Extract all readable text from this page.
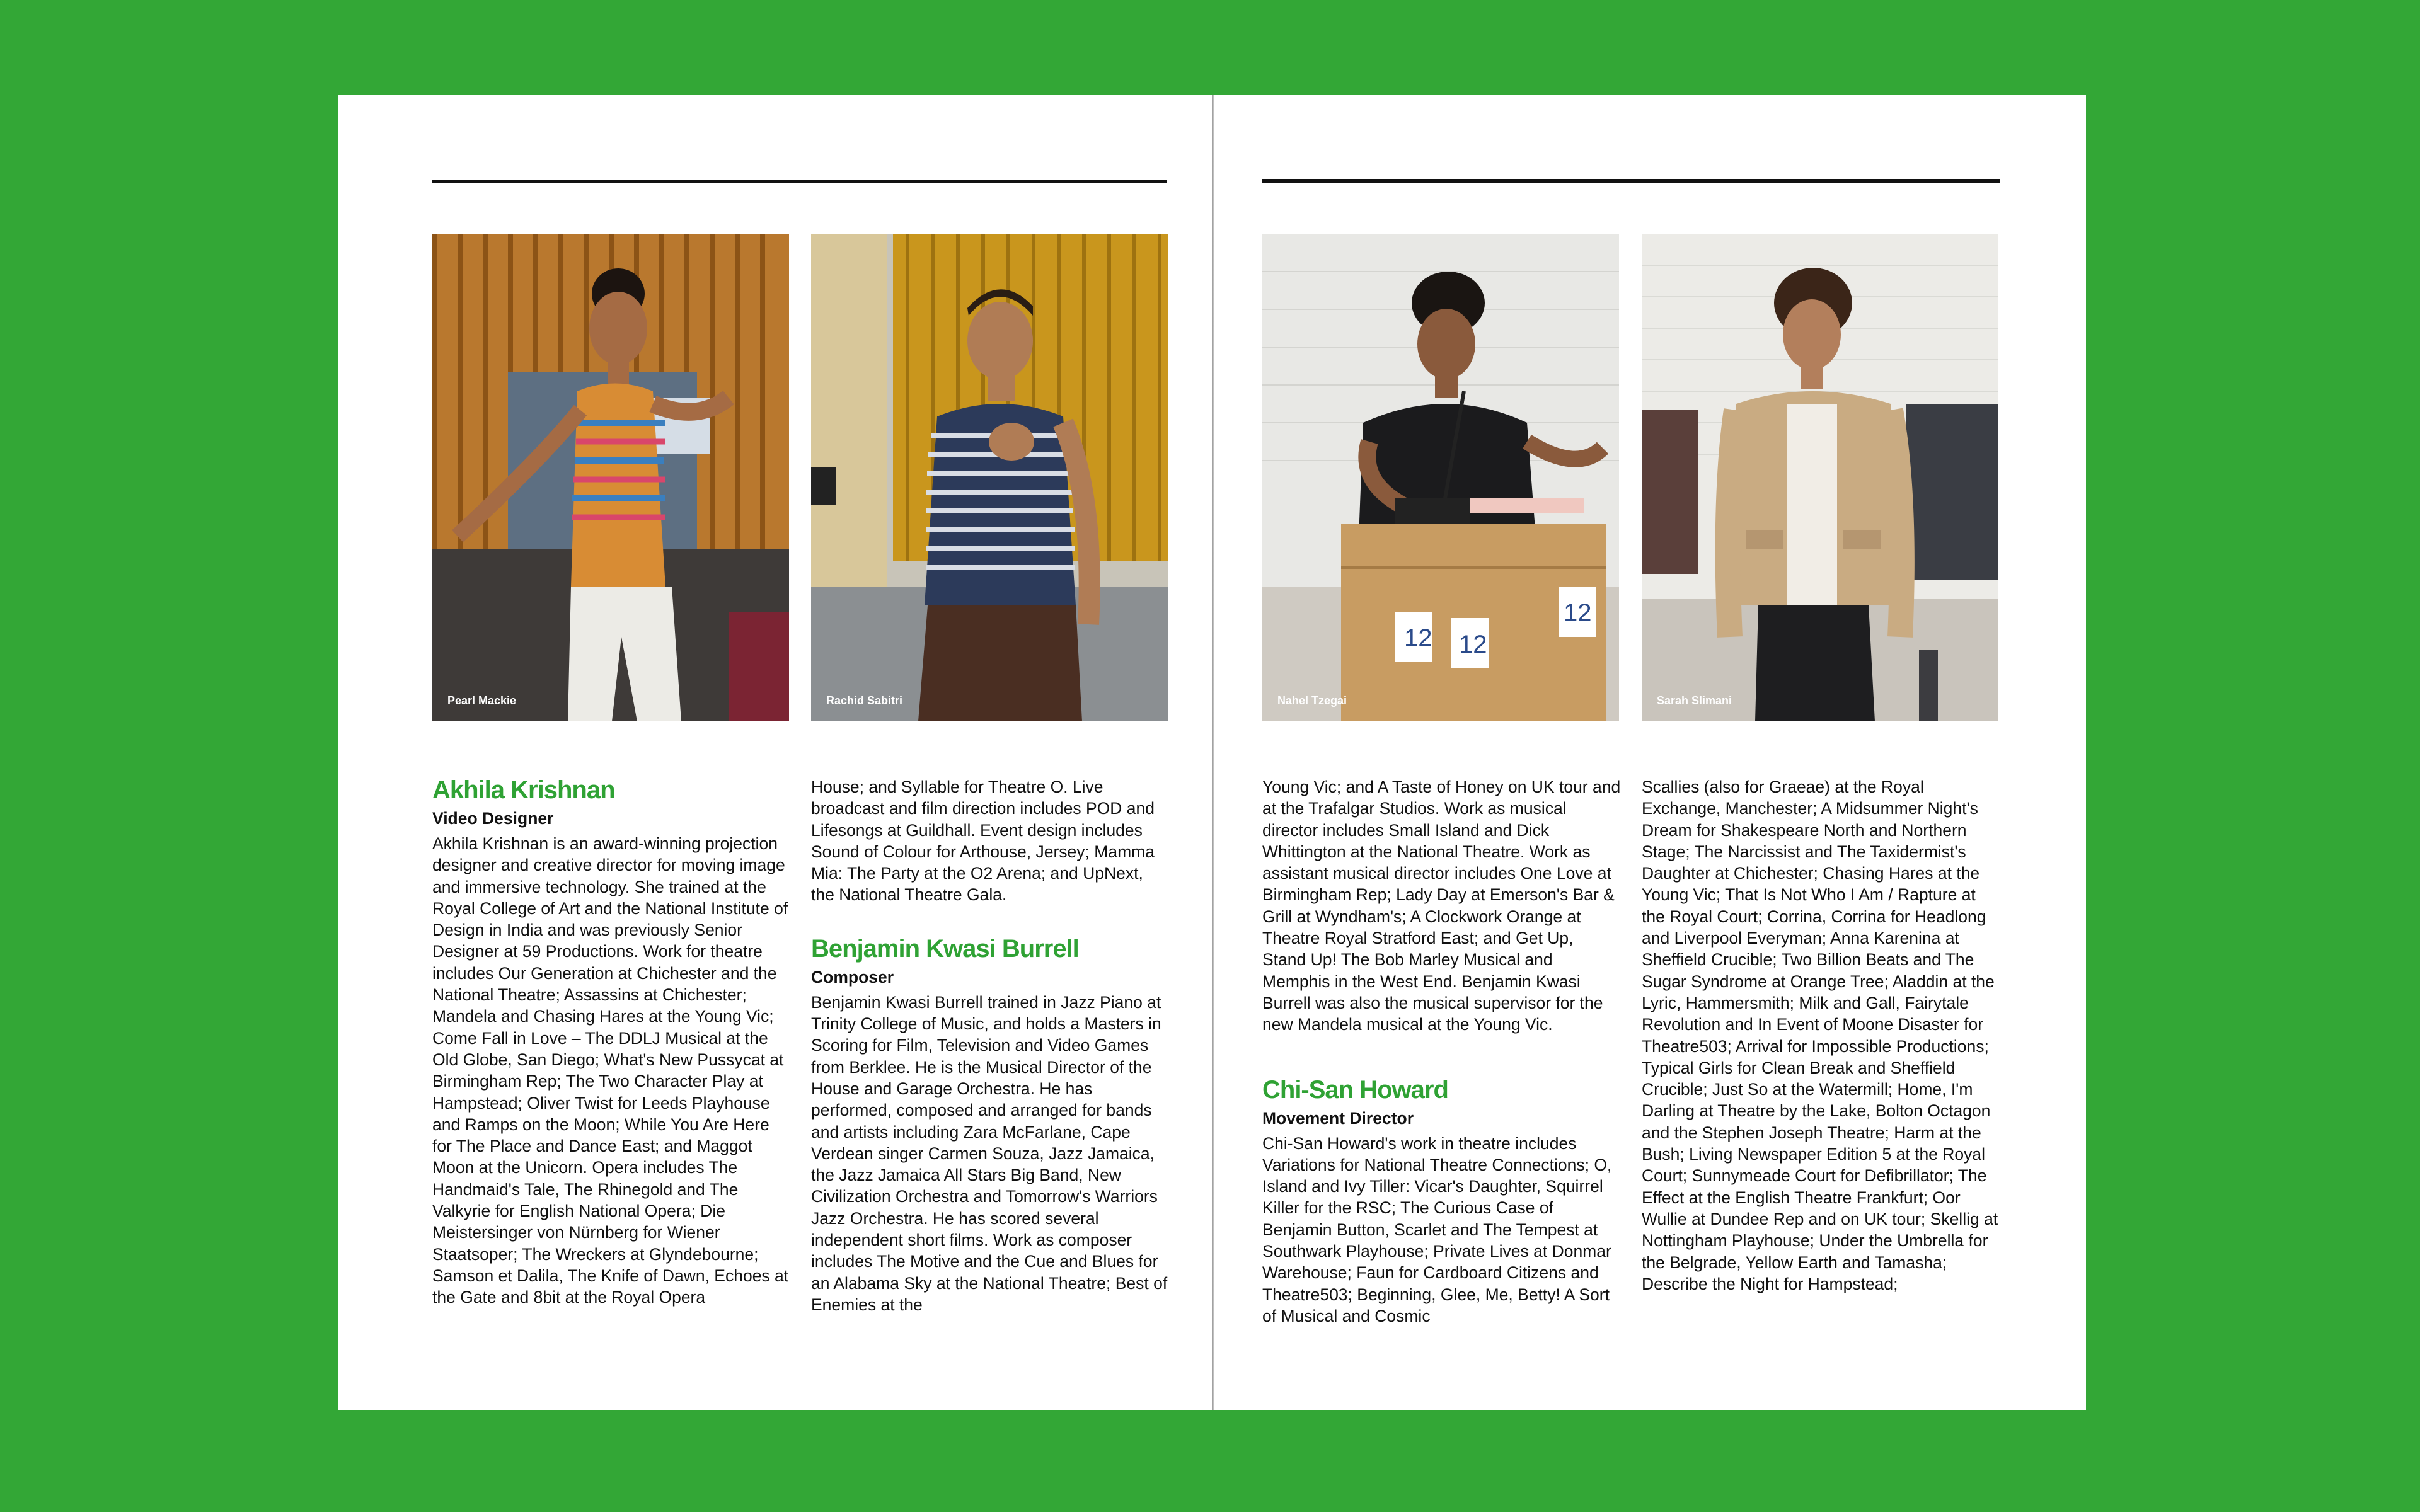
Pearl Mackie	Rachid Sabitri
12 12
12
Nahel Tzegai	Sarah Slimani
Akhila Krishnan
Video Designer

Akhila Krishnan is an award-winning projection designer and creative director for moving image and immersive technology. She trained at the Royal College of Art and the National Institute of Design in India and was previously Senior Designer at 59 Productions. Work for theatre includes Our Generation at Chichester and the National Theatre; Assassins at Chichester; Mandela and Chasing Hares at the Young Vic; Come Fall in Love – The DDLJ Musical at the Old Globe, San Diego; What's New Pussycat at Birmingham Rep; The Two Character Play at Hampstead; Oliver Twist for Leeds Playhouse and Ramps on the Moon; While You Are Here for The Place and Dance East; and Maggot Moon at the Unicorn. Opera includes The Handmaid's Tale, The Rhinegold and The Valkyrie for English National Opera; Die Meistersinger von Nürnberg for Wiener Staatsoper; The Wreckers at Glyndebourne; Samson et Dalila, The Knife of Dawn, Echoes at the Gate and 8bit at the Royal Opera

House; and Syllable for Theatre O. Live broadcast and film direction includes POD and Lifesongs at Guildhall. Event design includes Sound of Colour for Arthouse, Jersey; Mamma Mia: The Party at the O2 Arena; and UpNext, the National Theatre Gala.

Benjamin Kwasi Burrell
Composer

Benjamin Kwasi Burrell trained in Jazz Piano at Trinity College of Music, and holds a Masters in Scoring for Film, Television and Video Games from Berklee. He is the Musical Director of the House and Garage Orchestra. He has performed, composed and arranged for bands and artists including Zara McFarlane, Cape Verdean singer Carmen Souza, Jazz Jamaica, the Jazz Jamaica All Stars Big Band, New Civilization Orchestra and Tomorrow's Warriors Jazz Orchestra. He has scored several independent short films. Work as composer includes The Motive and the Cue and Blues for an Alabama Sky at the National Theatre; Best of Enemies at the

Young Vic; and A Taste of Honey on UK tour and at the Trafalgar Studios. Work as musical director includes Small Island and Dick Whittington at the National Theatre. Work as assistant musical director includes One Love at Birmingham Rep; Lady Day at Emerson's Bar & Grill at Wyndham's; A Clockwork Orange at Theatre Royal Stratford East; and Get Up, Stand Up! The Bob Marley Musical and Memphis in the West End. Benjamin Kwasi Burrell was also the musical supervisor for the new Mandela musical at the Young Vic.

Chi-San Howard
Movement Director

Chi-San Howard's work in theatre includes Variations for National Theatre Connections; O, Island and Ivy Tiller: Vicar's Daughter, Squirrel Killer for the RSC; The Curious Case of Benjamin Button, Scarlet and The Tempest at Southwark Playhouse; Private Lives at Donmar Warehouse; Faun for Cardboard Citizens and Theatre503; Beginning, Glee, Me, Betty! A Sort of Musical and Cosmic

Scallies (also for Graeae) at the Royal Exchange, Manchester; A Midsummer Night's Dream for Shakespeare North and Northern Stage; The Narcissist and The Taxidermist's Daughter at Chichester; Chasing Hares at the Young Vic; That Is Not Who I Am / Rapture at the Royal Court; Corrina, Corrina for Headlong and Liverpool Everyman; Anna Karenina at Sheffield Crucible; Two Billion Beats and The Sugar Syndrome at Orange Tree; Aladdin at the Lyric, Hammersmith; Milk and Gall, Fairytale Revolution and In Event of Moone Disaster for Theatre503; Arrival for Impossible Productions; Typical Girls for Clean Break and Sheffield Crucible; Just So at the Watermill; Home, I'm Darling at Theatre by the Lake, Bolton Octagon and the Stephen Joseph Theatre; Harm at the Bush; Living Newspaper Edition 5 at the Royal Court; Sunnymeade Court for Defibrillator; The Effect at the English Theatre Frankfurt; Oor Wullie at Dundee Rep and on UK tour; Skellig at Nottingham Playhouse; Under the Umbrella for the Belgrade, Yellow Earth and Tamasha; Describe the Night for Hampstead;
